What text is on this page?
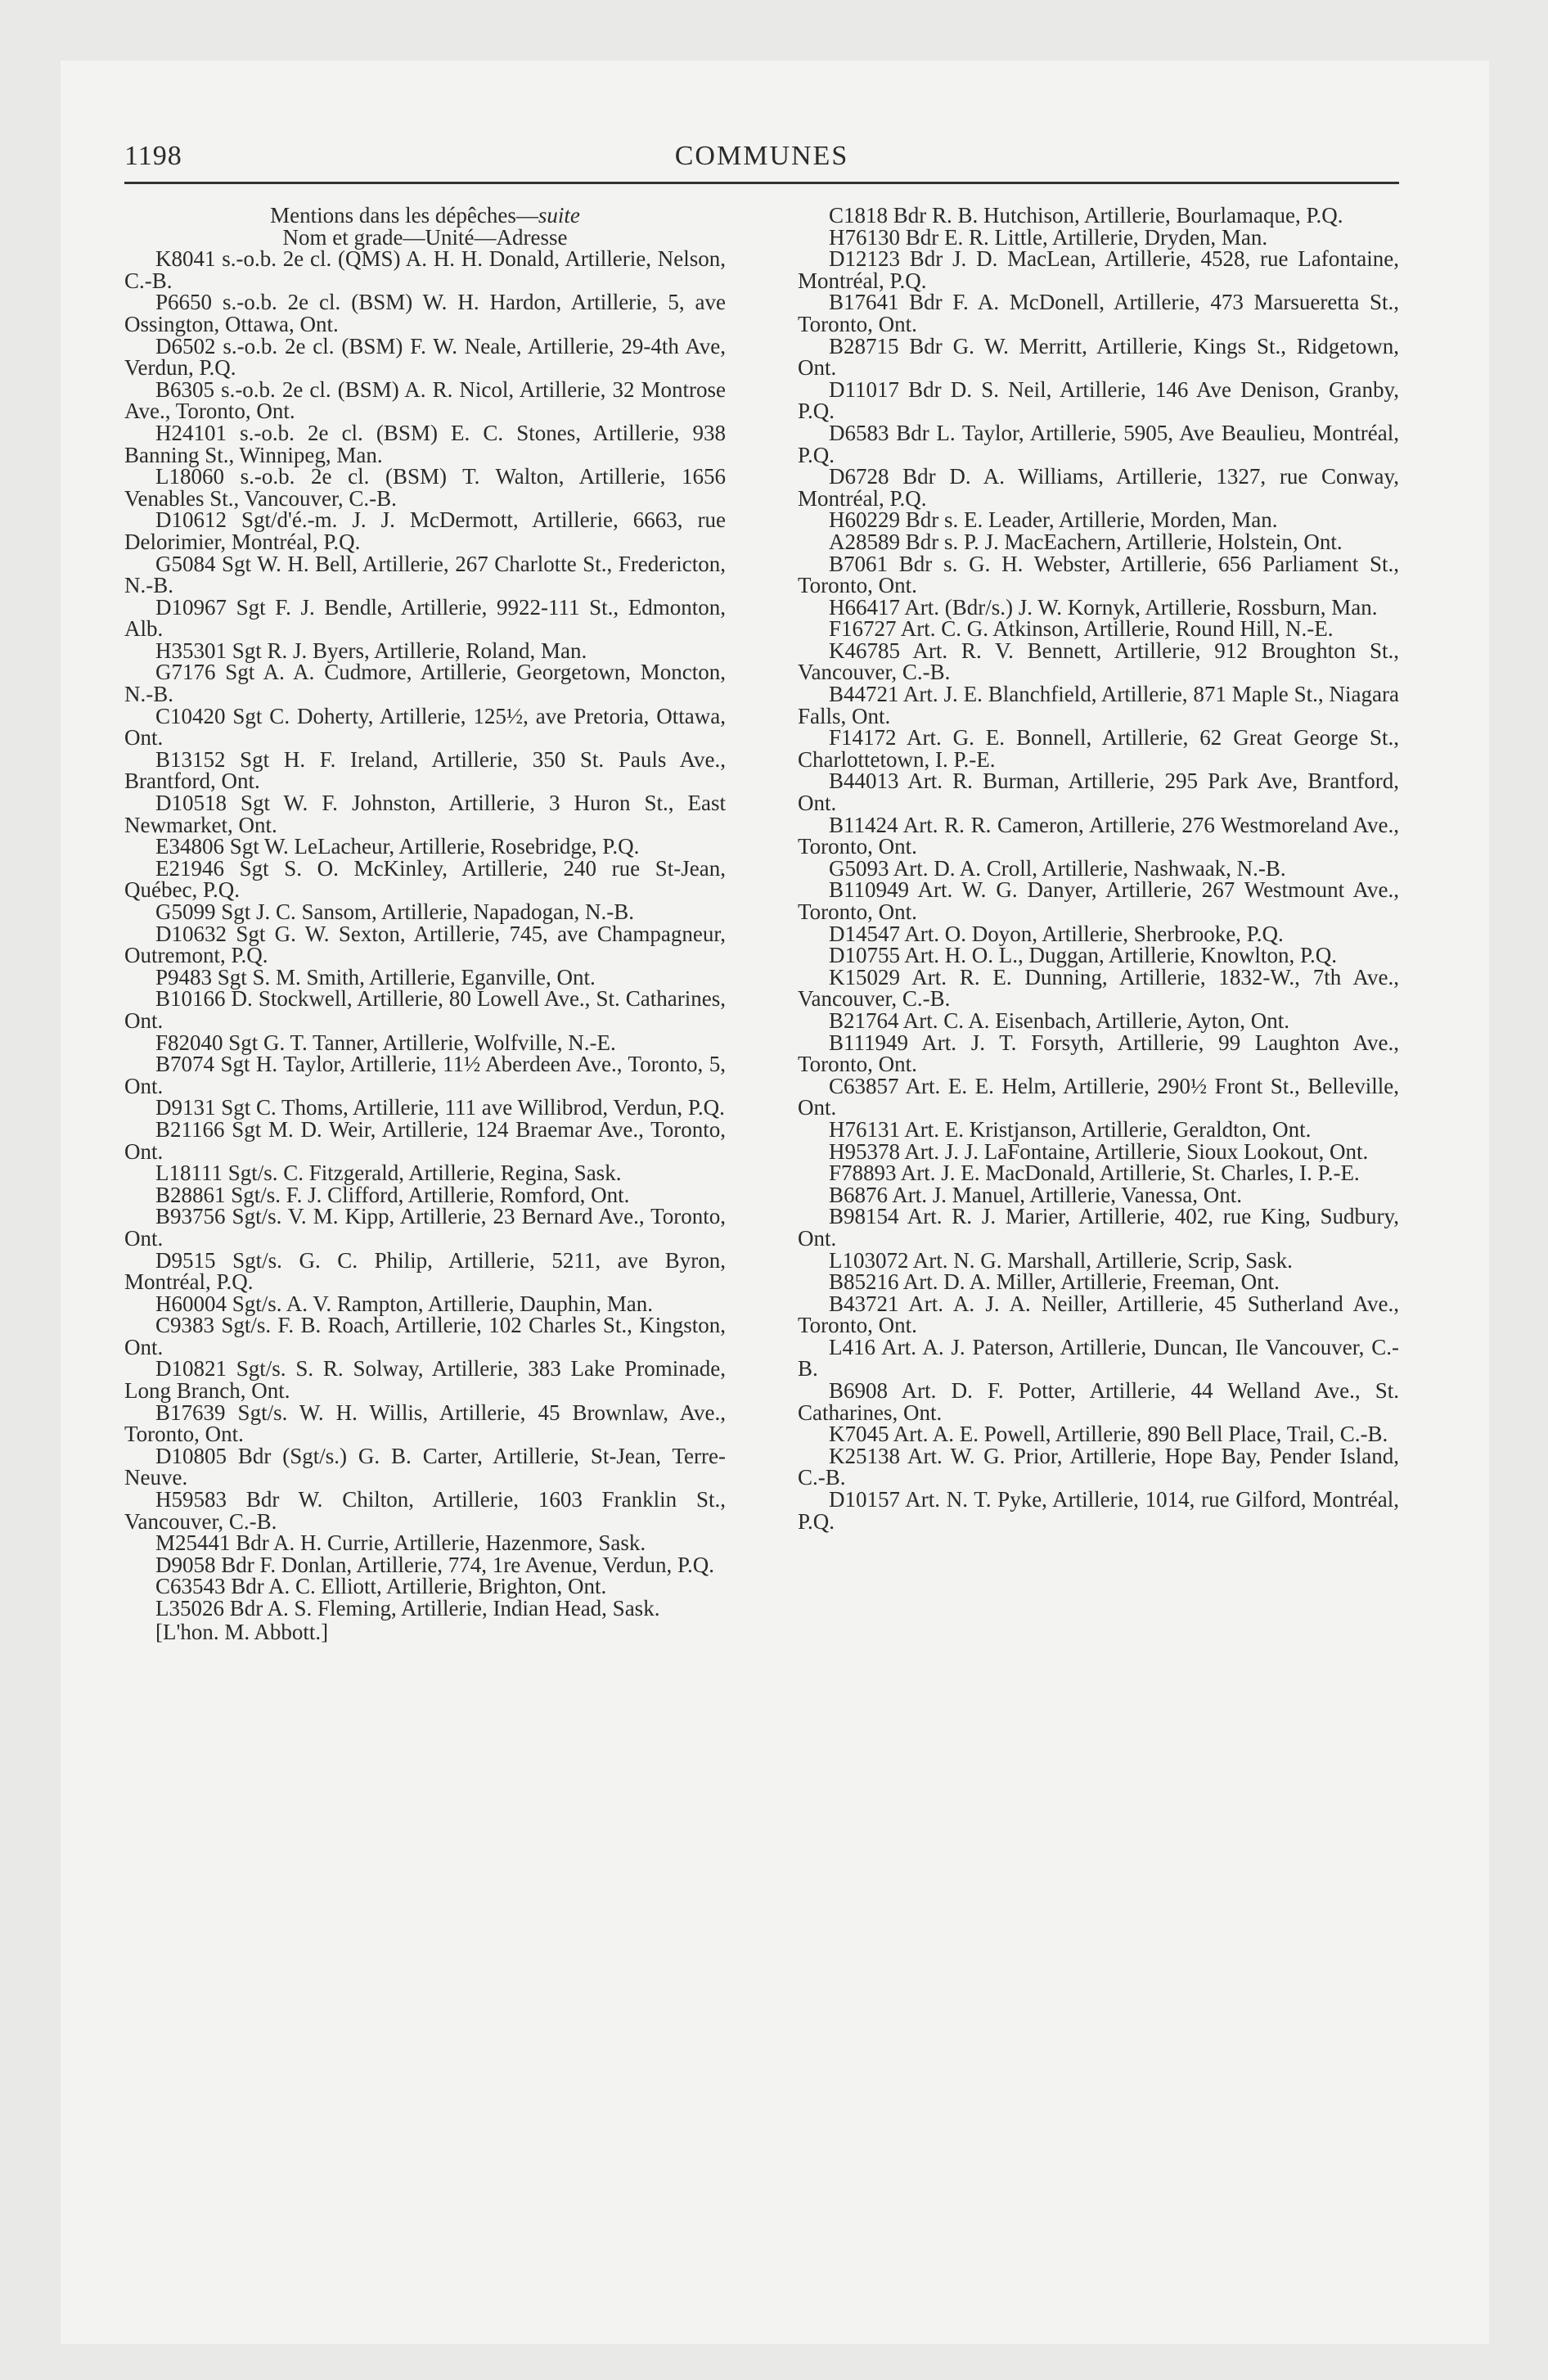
1198	COMMUNES

Mentions dans les dépêches—suite

Nom et grade—Unité—Adresse

K8041 s.-o.b. 2e cl. (QMS) A. H. H. Donald, Artillerie, Nelson, C.-B.

P6650 s.-o.b. 2e cl. (BSM) W. H. Hardon, Artillerie, 5, ave Ossington, Ottawa, Ont.

D6502 s.-o.b. 2e cl. (BSM) F. W. Neale, Artillerie, 29-4th Ave, Verdun, P.Q.

B6305 s.-o.b. 2e cl. (BSM) A. R. Nicol, Artillerie, 32 Montrose Ave., Toronto, Ont.

H24101 s.-o.b. 2e cl. (BSM) E. C. Stones, Artillerie, 938 Banning St., Winnipeg, Man.

L18060 s.-o.b. 2e cl. (BSM) T. Walton, Artillerie, 1656 Venables St., Vancouver, C.-B.

D10612 Sgt/d'é.-m. J. J. McDermott, Artillerie, 6663, rue Delorimier, Montréal, P.Q.

G5084 Sgt W. H. Bell, Artillerie, 267 Charlotte St., Fredericton, N.-B.

D10967 Sgt F. J. Bendle, Artillerie, 9922-111 St., Edmonton, Alb.

H35301 Sgt R. J. Byers, Artillerie, Roland, Man.

G7176 Sgt A. A. Cudmore, Artillerie, Georgetown, Moncton, N.-B.

C10420 Sgt C. Doherty, Artillerie, 125½, ave Pretoria, Ottawa, Ont.

B13152 Sgt H. F. Ireland, Artillerie, 350 St. Pauls Ave., Brantford, Ont.

D10518 Sgt W. F. Johnston, Artillerie, 3 Huron St., East Newmarket, Ont.

E34806 Sgt W. LeLacheur, Artillerie, Rosebridge, P.Q.

E21946 Sgt S. O. McKinley, Artillerie, 240 rue St-Jean, Québec, P.Q.

G5099 Sgt J. C. Sansom, Artillerie, Napadogan, N.-B.

D10632 Sgt G. W. Sexton, Artillerie, 745, ave Champagneur, Outremont, P.Q.

P9483 Sgt S. M. Smith, Artillerie, Eganville, Ont.

B10166 D. Stockwell, Artillerie, 80 Lowell Ave., St. Catharines, Ont.

F82040 Sgt G. T. Tanner, Artillerie, Wolfville, N.-E.

B7074 Sgt H. Taylor, Artillerie, 11½ Aberdeen Ave., Toronto, 5, Ont.

D9131 Sgt C. Thoms, Artillerie, 111 ave Willibrod, Verdun, P.Q.

B21166 Sgt M. D. Weir, Artillerie, 124 Braemar Ave., Toronto, Ont.

L18111 Sgt/s. C. Fitzgerald, Artillerie, Regina, Sask.

B28861 Sgt/s. F. J. Clifford, Artillerie, Romford, Ont.

B93756 Sgt/s. V. M. Kipp, Artillerie, 23 Bernard Ave., Toronto, Ont.

D9515 Sgt/s. G. C. Philip, Artillerie, 5211, ave Byron, Montréal, P.Q.

H60004 Sgt/s. A. V. Rampton, Artillerie, Dauphin, Man.

C9383 Sgt/s. F. B. Roach, Artillerie, 102 Charles St., Kingston, Ont.

D10821 Sgt/s. S. R. Solway, Artillerie, 383 Lake Prominade, Long Branch, Ont.

B17639 Sgt/s. W. H. Willis, Artillerie, 45 Brownlaw, Ave., Toronto, Ont.

D10805 Bdr (Sgt/s.) G. B. Carter, Artillerie, St-Jean, Terre-Neuve.

H59583 Bdr W. Chilton, Artillerie, 1603 Franklin St., Vancouver, C.-B.

M25441 Bdr A. H. Currie, Artillerie, Hazenmore, Sask.

D9058 Bdr F. Donlan, Artillerie, 774, 1re Avenue, Verdun, P.Q.

C63543 Bdr A. C. Elliott, Artillerie, Brighton, Ont.

L35026 Bdr A. S. Fleming, Artillerie, Indian Head, Sask.

[L'hon. M. Abbott.]

C1818 Bdr R. B. Hutchison, Artillerie, Bourlamaque, P.Q.

H76130 Bdr E. R. Little, Artillerie, Dryden, Man.

D12123 Bdr J. D. MacLean, Artillerie, 4528, rue Lafontaine, Montréal, P.Q.

B17641 Bdr F. A. McDonell, Artillerie, 473 Marsueretta St., Toronto, Ont.

B28715 Bdr G. W. Merritt, Artillerie, Kings St., Ridgetown, Ont.

D11017 Bdr D. S. Neil, Artillerie, 146 Ave Denison, Granby, P.Q.

D6583 Bdr L. Taylor, Artillerie, 5905, Ave Beaulieu, Montréal, P.Q.

D6728 Bdr D. A. Williams, Artillerie, 1327, rue Conway, Montréal, P.Q.

H60229 Bdr s. E. Leader, Artillerie, Morden, Man.

A28589 Bdr s. P. J. MacEachern, Artillerie, Holstein, Ont.

B7061 Bdr s. G. H. Webster, Artillerie, 656 Parliament St., Toronto, Ont.

H66417 Art. (Bdr/s.) J. W. Kornyk, Artillerie, Rossburn, Man.

F16727 Art. C. G. Atkinson, Artillerie, Round Hill, N.-E.

K46785 Art. R. V. Bennett, Artillerie, 912 Broughton St., Vancouver, C.-B.

B44721 Art. J. E. Blanchfield, Artillerie, 871 Maple St., Niagara Falls, Ont.

F14172 Art. G. E. Bonnell, Artillerie, 62 Great George St., Charlottetown, I. P.-E.

B44013 Art. R. Burman, Artillerie, 295 Park Ave, Brantford, Ont.

B11424 Art. R. R. Cameron, Artillerie, 276 Westmoreland Ave., Toronto, Ont.

G5093 Art. D. A. Croll, Artillerie, Nashwaak, N.-B.

B110949 Art. W. G. Danyer, Artillerie, 267 Westmount Ave., Toronto, Ont.

D14547 Art. O. Doyon, Artillerie, Sherbrooke, P.Q.

D10755 Art. H. O. L., Duggan, Artillerie, Knowlton, P.Q.

K15029 Art. R. E. Dunning, Artillerie, 1832-W., 7th Ave., Vancouver, C.-B.

B21764 Art. C. A. Eisenbach, Artillerie, Ayton, Ont.

B111949 Art. J. T. Forsyth, Artillerie, 99 Laughton Ave., Toronto, Ont.

C63857 Art. E. E. Helm, Artillerie, 290½ Front St., Belleville, Ont.

H76131 Art. E. Kristjanson, Artillerie, Geraldton, Ont.

H95378 Art. J. J. LaFontaine, Artillerie, Sioux Lookout, Ont.

F78893 Art. J. E. MacDonald, Artillerie, St. Charles, I. P.-E.

B6876 Art. J. Manuel, Artillerie, Vanessa, Ont.

B98154 Art. R. J. Marier, Artillerie, 402, rue King, Sudbury, Ont.

L103072 Art. N. G. Marshall, Artillerie, Scrip, Sask.

B85216 Art. D. A. Miller, Artillerie, Freeman, Ont.

B43721 Art. A. J. A. Neiller, Artillerie, 45 Sutherland Ave., Toronto, Ont.

L416 Art. A. J. Paterson, Artillerie, Duncan, Ile Vancouver, C.-B.

B6908 Art. D. F. Potter, Artillerie, 44 Welland Ave., St. Catharines, Ont.

K7045 Art. A. E. Powell, Artillerie, 890 Bell Place, Trail, C.-B.

K25138 Art. W. G. Prior, Artillerie, Hope Bay, Pender Island, C.-B.

D10157 Art. N. T. Pyke, Artillerie, 1014, rue Gilford, Montréal, P.Q.
